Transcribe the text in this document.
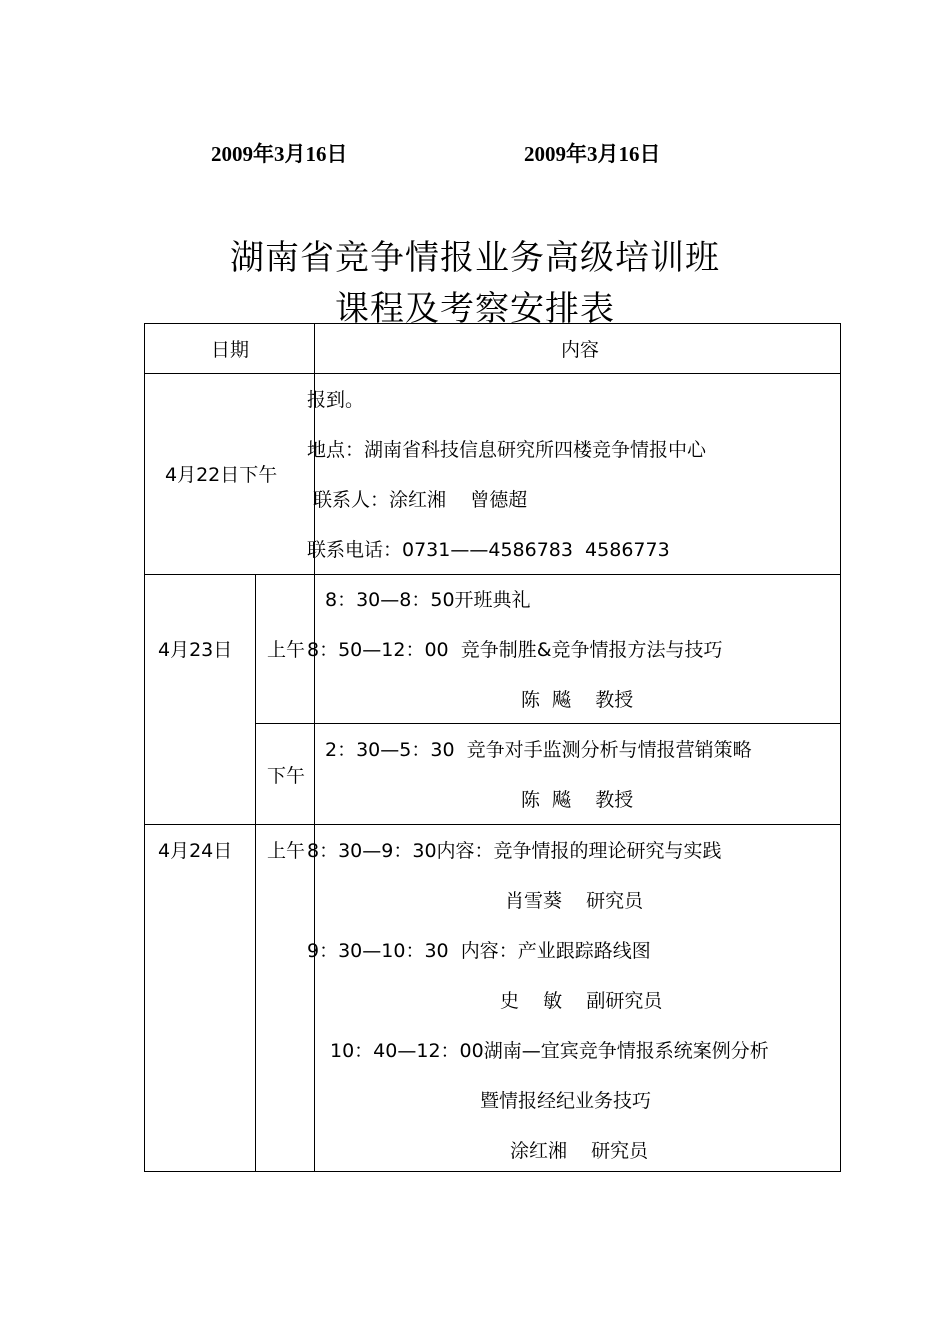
2009年3月16日	2009年3月16日
湖南省竞争情报业务高级培训班
课程及考察安排表
日期	内容
4月22日下午
报到。
地点：湖南省科技信息研究所四楼竞争情报中心
联系人：涂红湘    曾德超
联系电话：0731——4586783  4586773
4月23日 上午
8：30—8：50开班典礼
8：50—12：00  竞争制胜&竞争情报方法与技巧
陈  飚    教授
下午
2：30—5：30  竞争对手监测分析与情报营销策略
陈  飚    教授
4月24日 上午 8：30—9：30内容：竞争情报的理论研究与实践
肖雪葵    研究员
9：30—10：30  内容：产业跟踪路线图
史    敏    副研究员
10：40—12：00湖南—宜宾竞争情报系统案例分析
暨情报经纪业务技巧
涂红湘    研究员
